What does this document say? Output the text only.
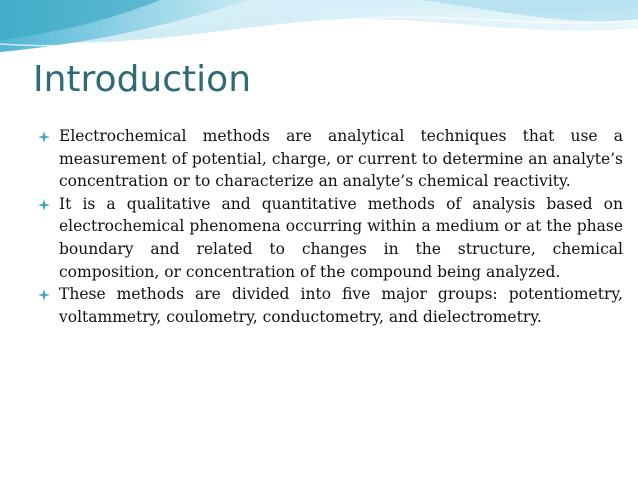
Introduction
Electrochemical methods are analytical techniques that use a measurement of potential, charge, or current to determine an analyte’s concentration or to characterize an analyte’s chemical reactivity.
It is a qualitative and quantitative methods of analysis based on electrochemical phenomena occurring within a medium or at the phase boundary and related to changes in the structure, chemical composition, or concentration of the compound being analyzed.
These methods are divided into five major groups: potentiometry, voltammetry, coulometry, conductometry, and dielectrometry.
